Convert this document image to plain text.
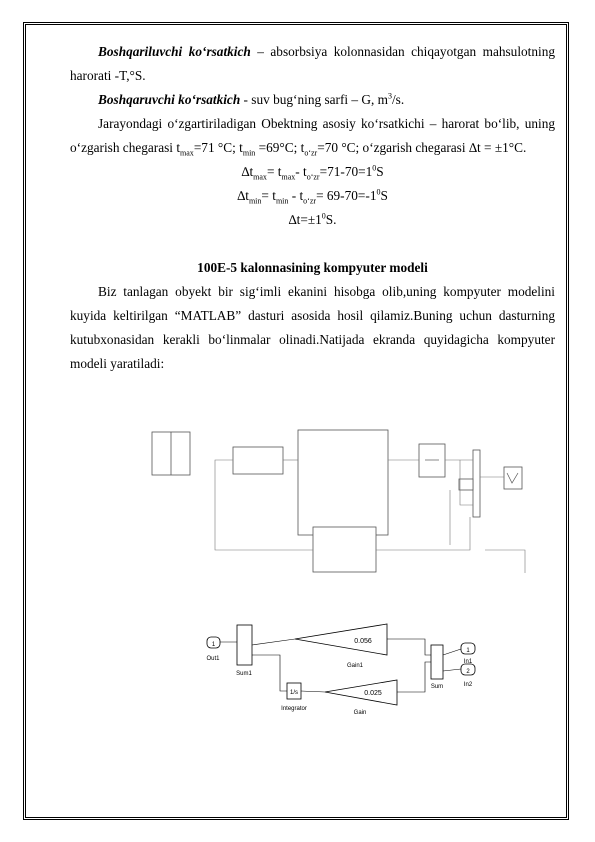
Boshqariluvchi ko‘rsatkich – absorbsiya kolonnasidan chiqayotgan mahsulotning harorati -T,°S.

Boshqaruvchi ko‘rsatkich - suv bug‘ning sarfi – G, $m^3/s$.

Jarayondagi o‘zgartiriladigan Obektning asosiy ko‘rsatkichi – harorat bo‘lib, uning o‘zgarish chegarasi $t_{max}=71$ °C; $t_{min} =69^\circ C$; $t_{o‘zr}=70$ °C; o‘zgarish chegarasi ∆t = ±1°C.

$\Delta t_{max}= t_{max}-$ $t_{o‘zr}=71-70=1^0S$

$\Delta t_{min}= t_{min} - t_{o‘zr}= 69-70=-1^0S$

$\Delta t=\pm 1^0S$.

100E-5 kalonnasining kompyuter modeli

Biz tanlagan obyekt bir sig‘imli ekanini hisobga olib,uning kompyuter modelini kuyida keltirilgan “MATLAB” dasturi asosida hosil qilamiz.Buning uchun dasturning kutubxonasidan kerakli bo‘linmalar olinadi.Natijada ekranda quyidagicha kompyuter modeli yaratiladi:

1
Out1
Sum1
0.056
Gain1
0.025
Gain
1/s
Integrator
Sum
1
2
In1
In2
